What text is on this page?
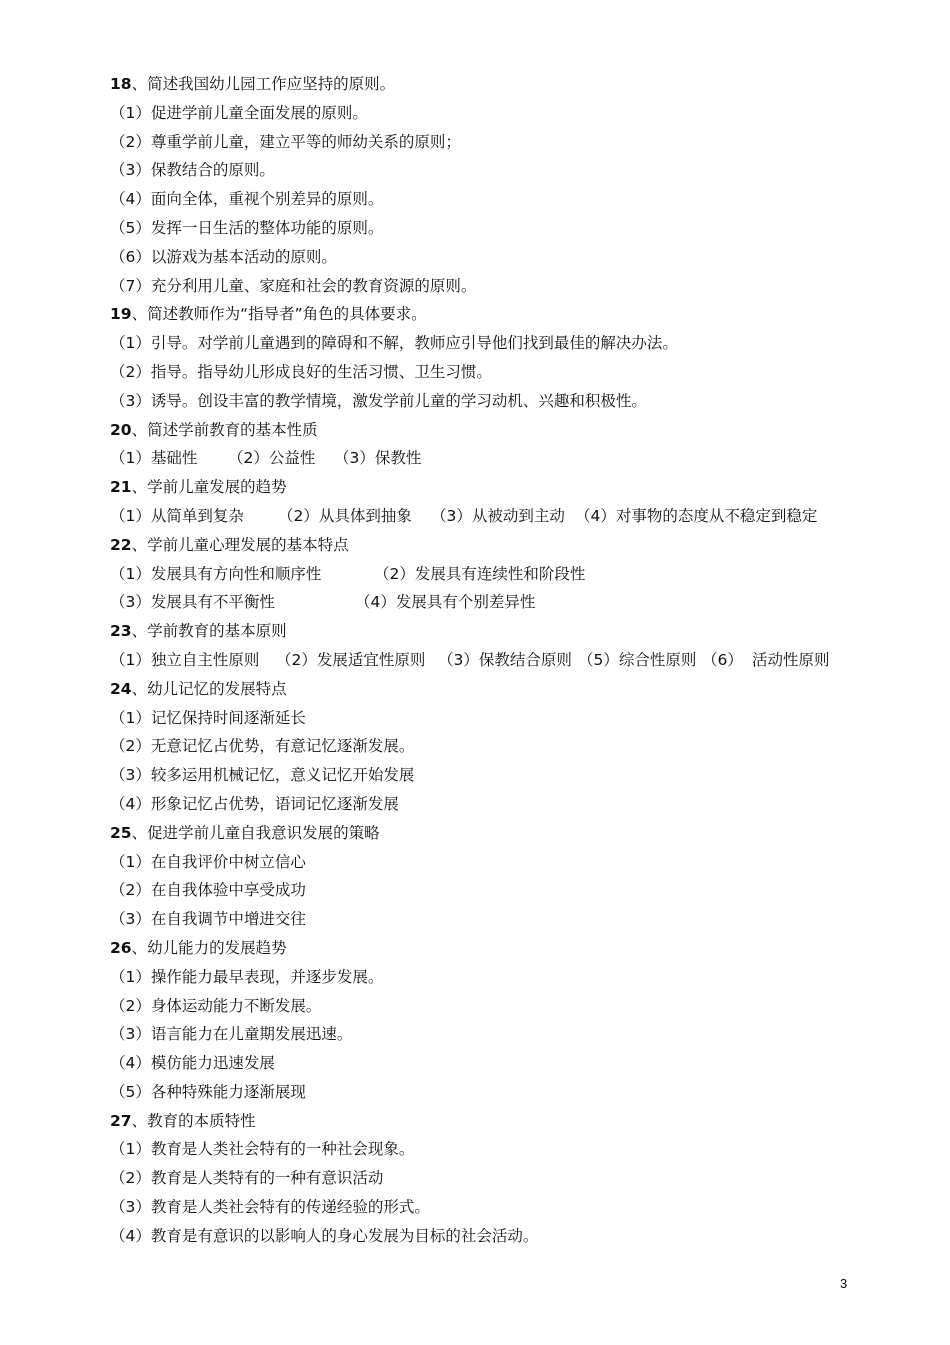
18、简述我国幼儿园工作应坚持的原则。
（1）促进学前儿童全面发展的原则。
（2）尊重学前儿童，建立平等的师幼关系的原则；
（3）保教结合的原则。
（4）面向全体，重视个别差异的原则。
（5）发挥一日生活的整体功能的原则。
（6）以游戏为基本活动的原则。
（7）充分利用儿童、家庭和社会的教育资源的原则。
19、简述教师作为“指导者”角色的具体要求。
（1）引导。对学前儿童遇到的障碍和不解，教师应引导他们找到最佳的解决办法。
（2）指导。指导幼儿形成良好的生活习惯、卫生习惯。
（3）诱导。创设丰富的教学情境，激发学前儿童的学习动机、兴趣和积极性。
20、简述学前教育的基本性质
（1）基础性	（2）公益性	（3）保教性
21、学前儿童发展的趋势
（1）从简单到复杂	（2）从具体到抽象	（3）从被动到主动 （4）对事物的态度从不稳定到稳定
22、学前儿童心理发展的基本特点
（1）发展具有方向性和顺序性	（2）发展具有连续性和阶段性
（3）发展具有不平衡性	（4）发展具有个别差异性
23、学前教育的基本原则
（1）独立自主性原则	（2）发展适宜性原则 （3）保教结合原则 （5）综合性原则 （6） 活动性原则
24、幼儿记忆的发展特点
（1）记忆保持时间逐渐延长
（2）无意记忆占优势，有意记忆逐渐发展。
（3）较多运用机械记忆，意义记忆开始发展
（4）形象记忆占优势，语词记忆逐渐发展
25、促进学前儿童自我意识发展的策略
（1）在自我评价中树立信心
（2）在自我体验中享受成功
（3）在自我调节中增进交往
26、幼儿能力的发展趋势
（1）操作能力最早表现，并逐步发展。
（2）身体运动能力不断发展。
（3）语言能力在儿童期发展迅速。
（4）模仿能力迅速发展
（5）各种特殊能力逐渐展现
27、教育的本质特性
（1）教育是人类社会特有的一种社会现象。
（2）教育是人类特有的一种有意识活动
（3）教育是人类社会特有的传递经验的形式。
（4）教育是有意识的以影响人的身心发展为目标的社会活动。
3
